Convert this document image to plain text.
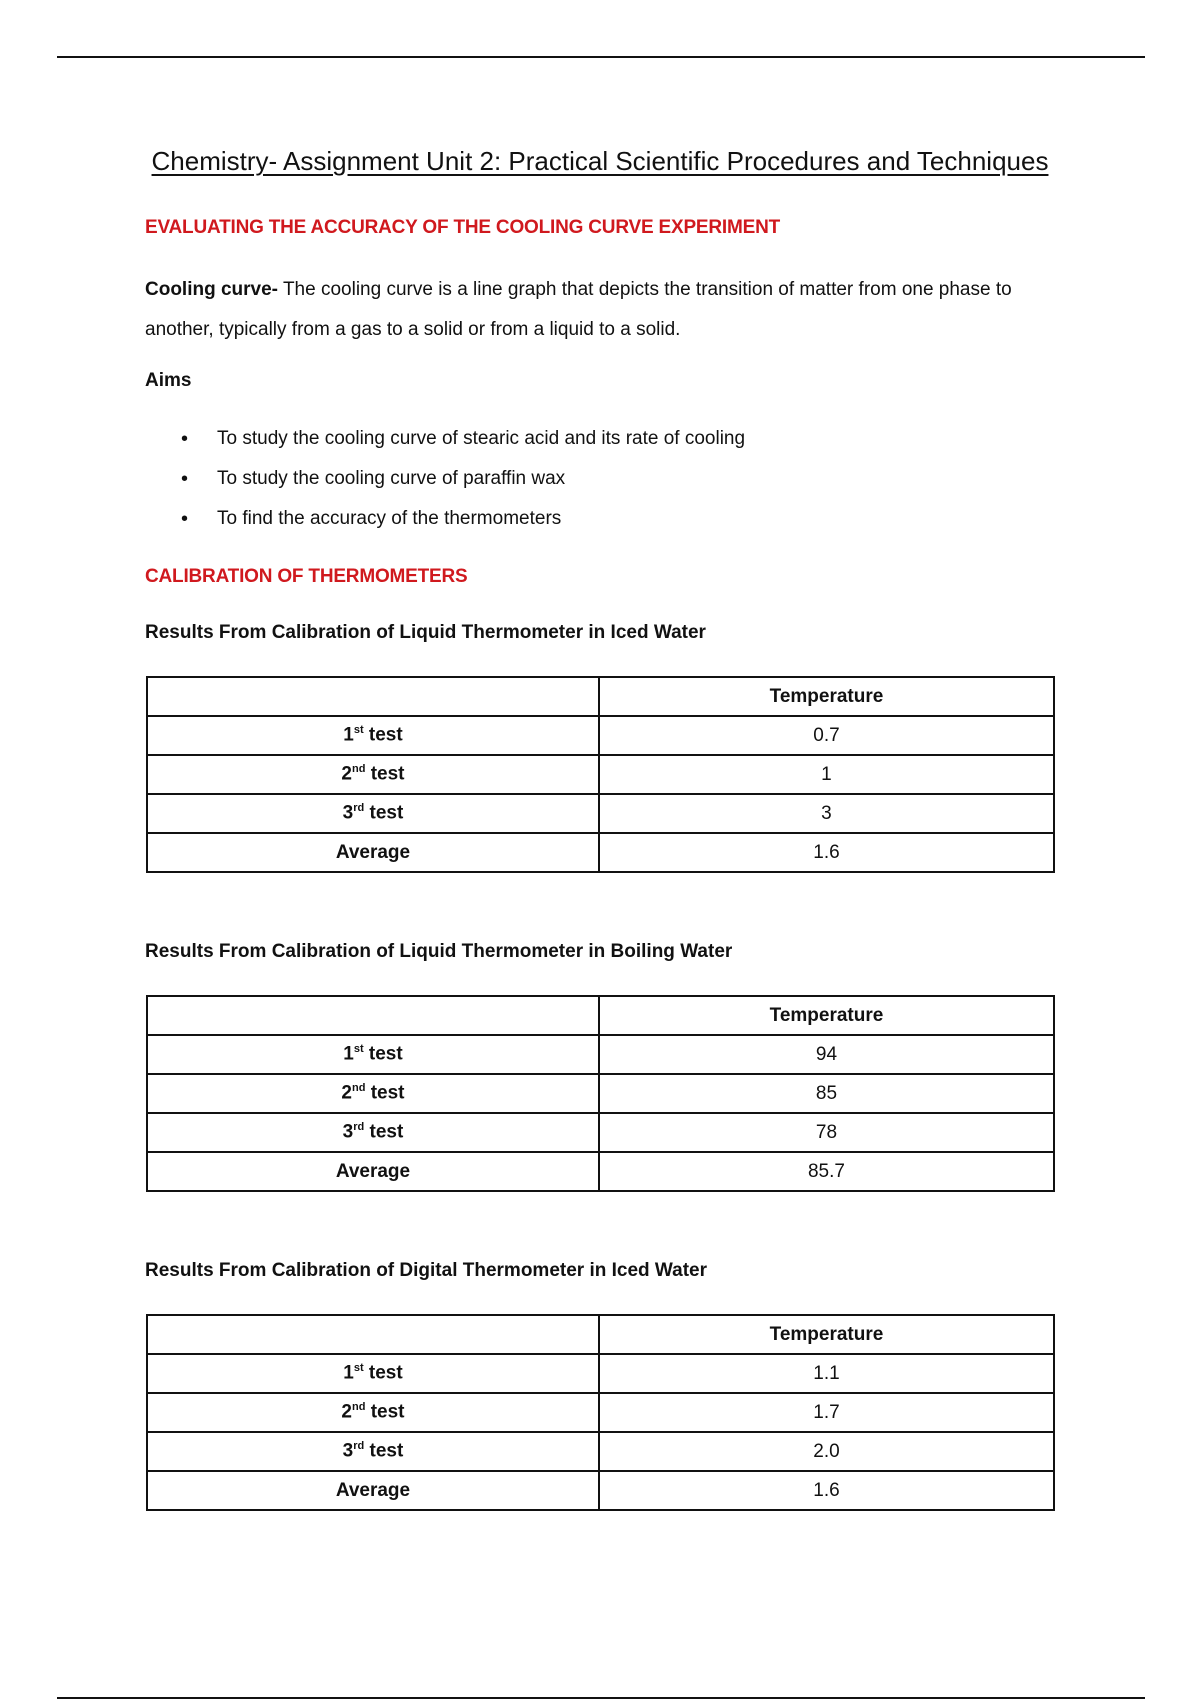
Chemistry- Assignment Unit 2: Practical Scientific Procedures and Techniques
EVALUATING THE ACCURACY OF THE COOLING CURVE EXPERIMENT
Cooling curve- The cooling curve is a line graph that depicts the transition of matter from one phase to another, typically from a gas to a solid or from a liquid to a solid.
Aims
• To study the cooling curve of stearic acid and its rate of cooling
• To study the cooling curve of paraffin wax
• To find the accuracy of the thermometers
CALIBRATION OF THERMOMETERS
Results From Calibration of Liquid Thermometer in Iced Water
	Temperature
1st test	0.7
2nd test	1
3rd test	3
Average	1.6
Results From Calibration of Liquid Thermometer in Boiling Water
	Temperature
1st test	94
2nd test	85
3rd test	78
Average	85.7
Results From Calibration of Digital Thermometer in Iced Water
	Temperature
1st test	1.1
2nd test	1.7
3rd test	2.0
Average	1.6
